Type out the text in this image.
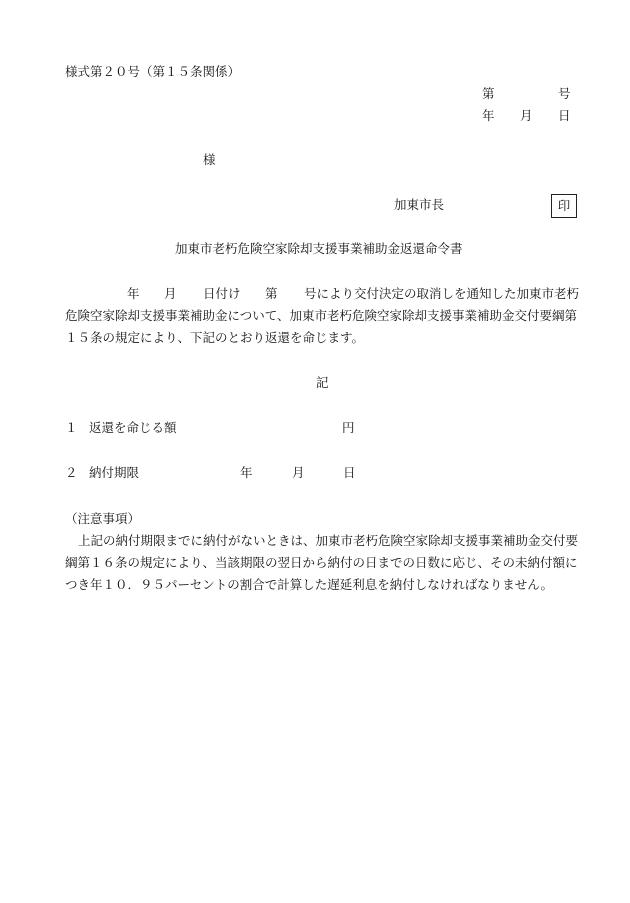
様式第２０号（第１５条関係）
第	号
年 月 日
様
加東市長	印
加東市老朽危険空家除却支援事業補助金返還命令書
年 月 日付け 第 号により交付決定の取消しを通知した加東市老朽
危険空家除却支援事業補助金について、加東市老朽危険空家除却支援事業補助金交付要綱第
１５条の規定により、下記のとおり返還を命じます。
記
１ 返還を命じる額	円
２ 納付期限	年	月	日
（注意事項）
上記の納付期限までに納付がないときは、加東市老朽危険空家除却支援事業補助金交付要
綱第１６条の規定により、当該期限の翌日から納付の日までの日数に応じ、その未納付額に
つき年１０．９５パーセントの割合で計算した遅延利息を納付しなければなりません。
